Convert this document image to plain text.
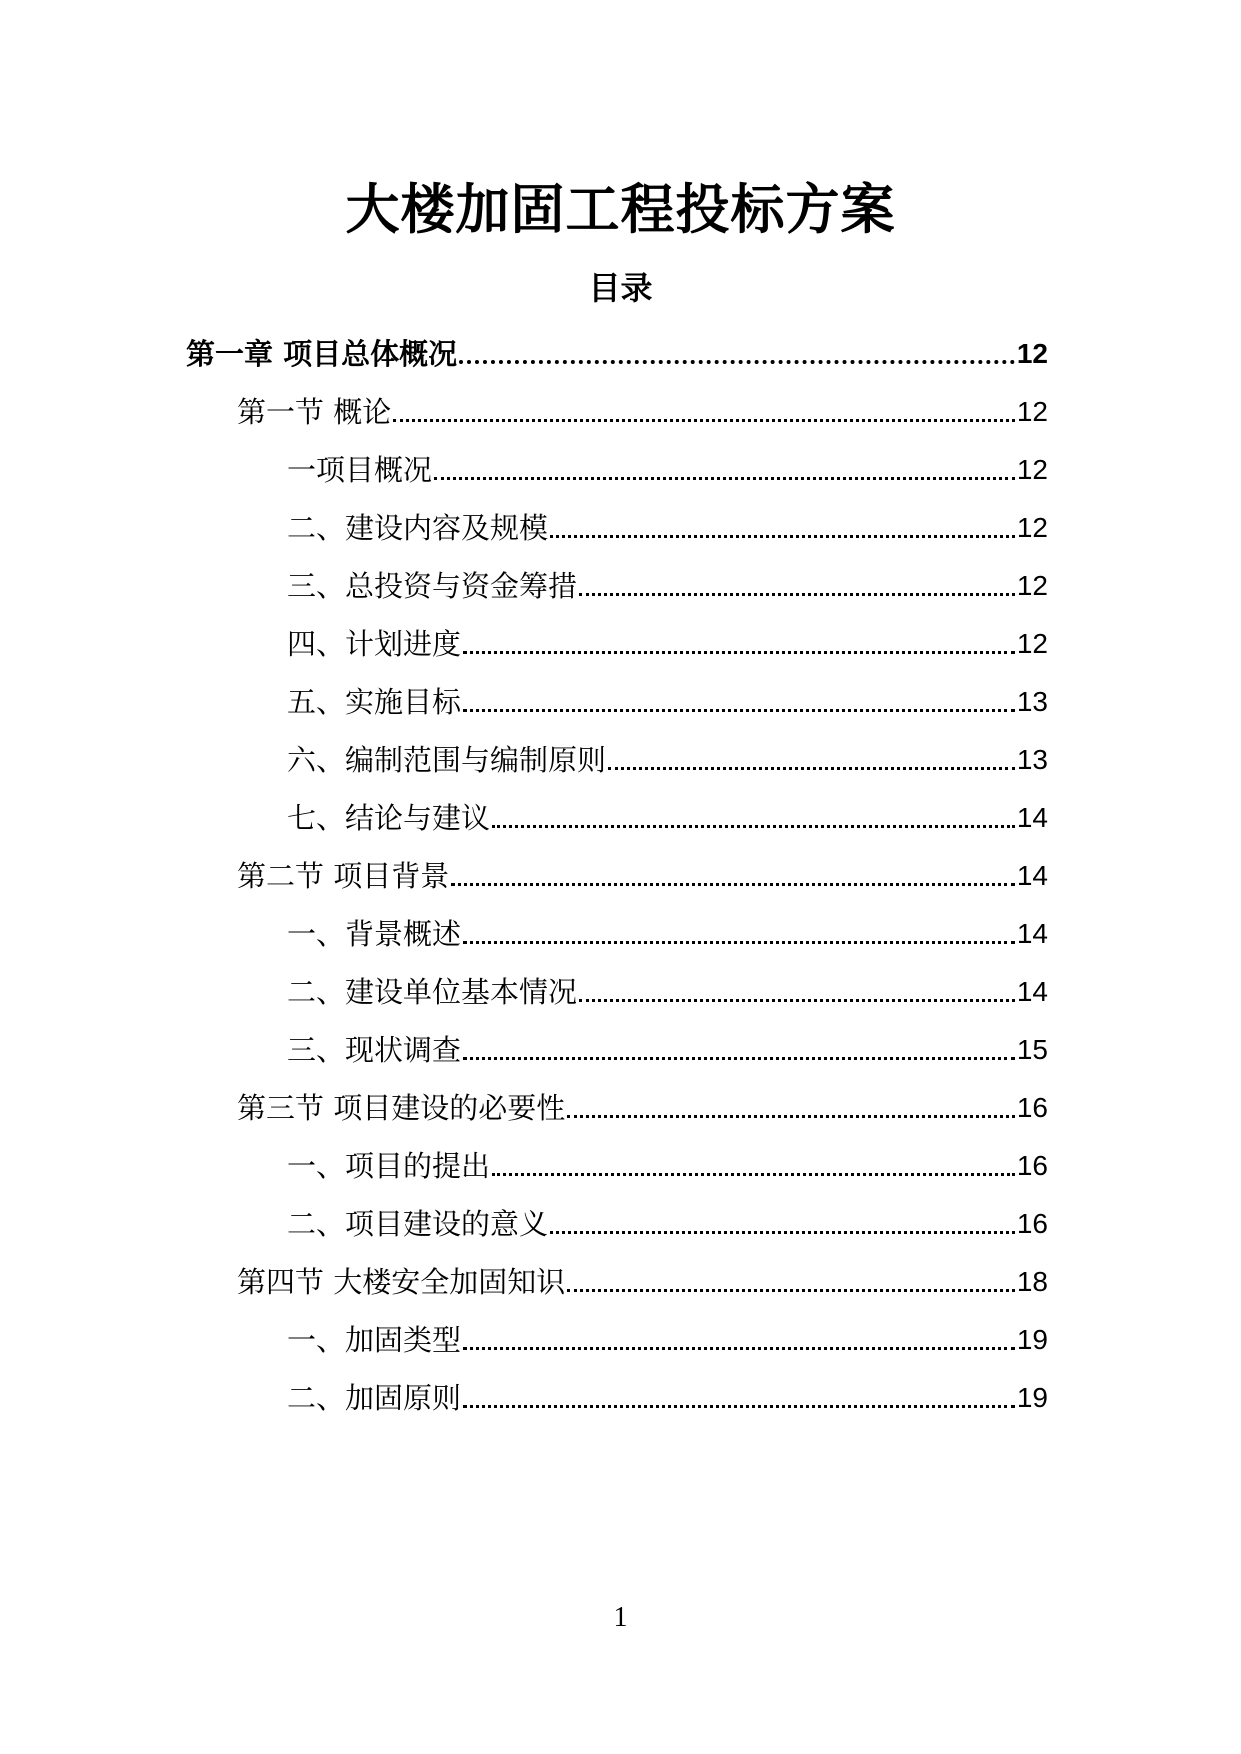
大楼加固工程投标方案
目录
第一章 项目总体概况	12
第一节 概论	12
一项目概况	12
二、建设内容及规模	12
三、总投资与资金筹措	12
四、计划进度	12
五、实施目标	13
六、编制范围与编制原则	13
七、结论与建议	14
第二节 项目背景	14
一、背景概述	14
二、建设单位基本情况	14
三、现状调查	15
第三节 项目建设的必要性	16
一、项目的提出	16
二、项目建设的意义	16
第四节 大楼安全加固知识	18
一、加固类型	19
二、加固原则	19
1
